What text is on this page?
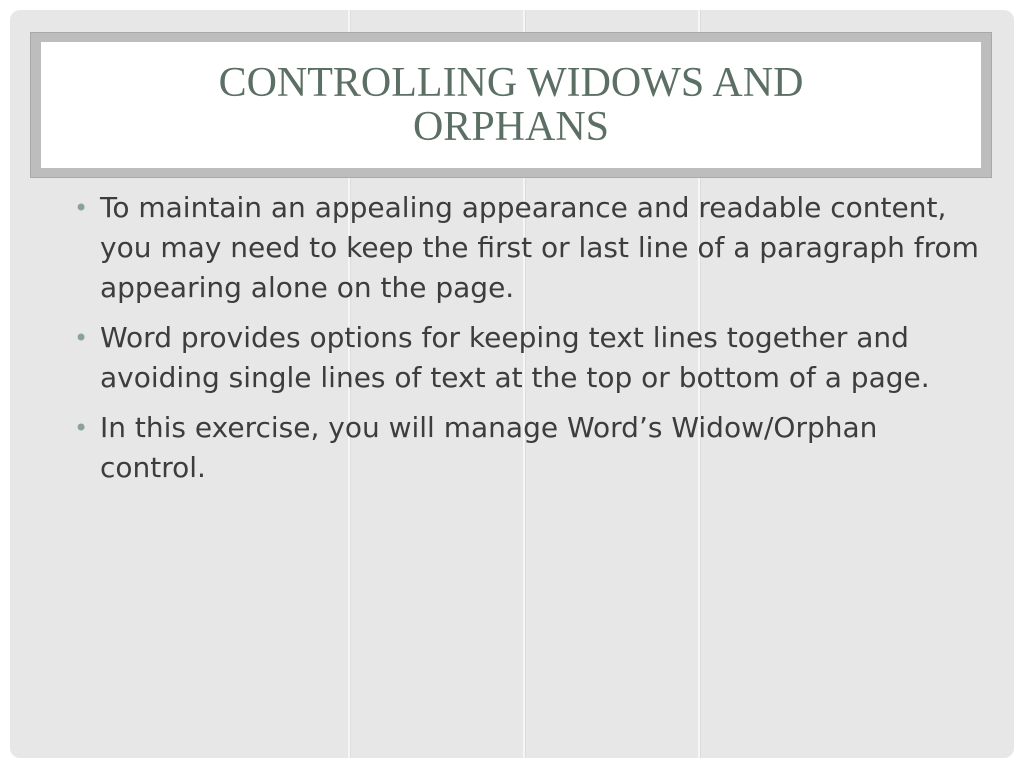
CONTROLLING WIDOWS AND ORPHANS
• To maintain an appealing appearance and readable content, you may need to keep the first or last line of a paragraph from appearing alone on the page.
• Word provides options for keeping text lines together and avoiding single lines of text at the top or bottom of a page.
• In this exercise, you will manage Word’s Widow/Orphan control.
